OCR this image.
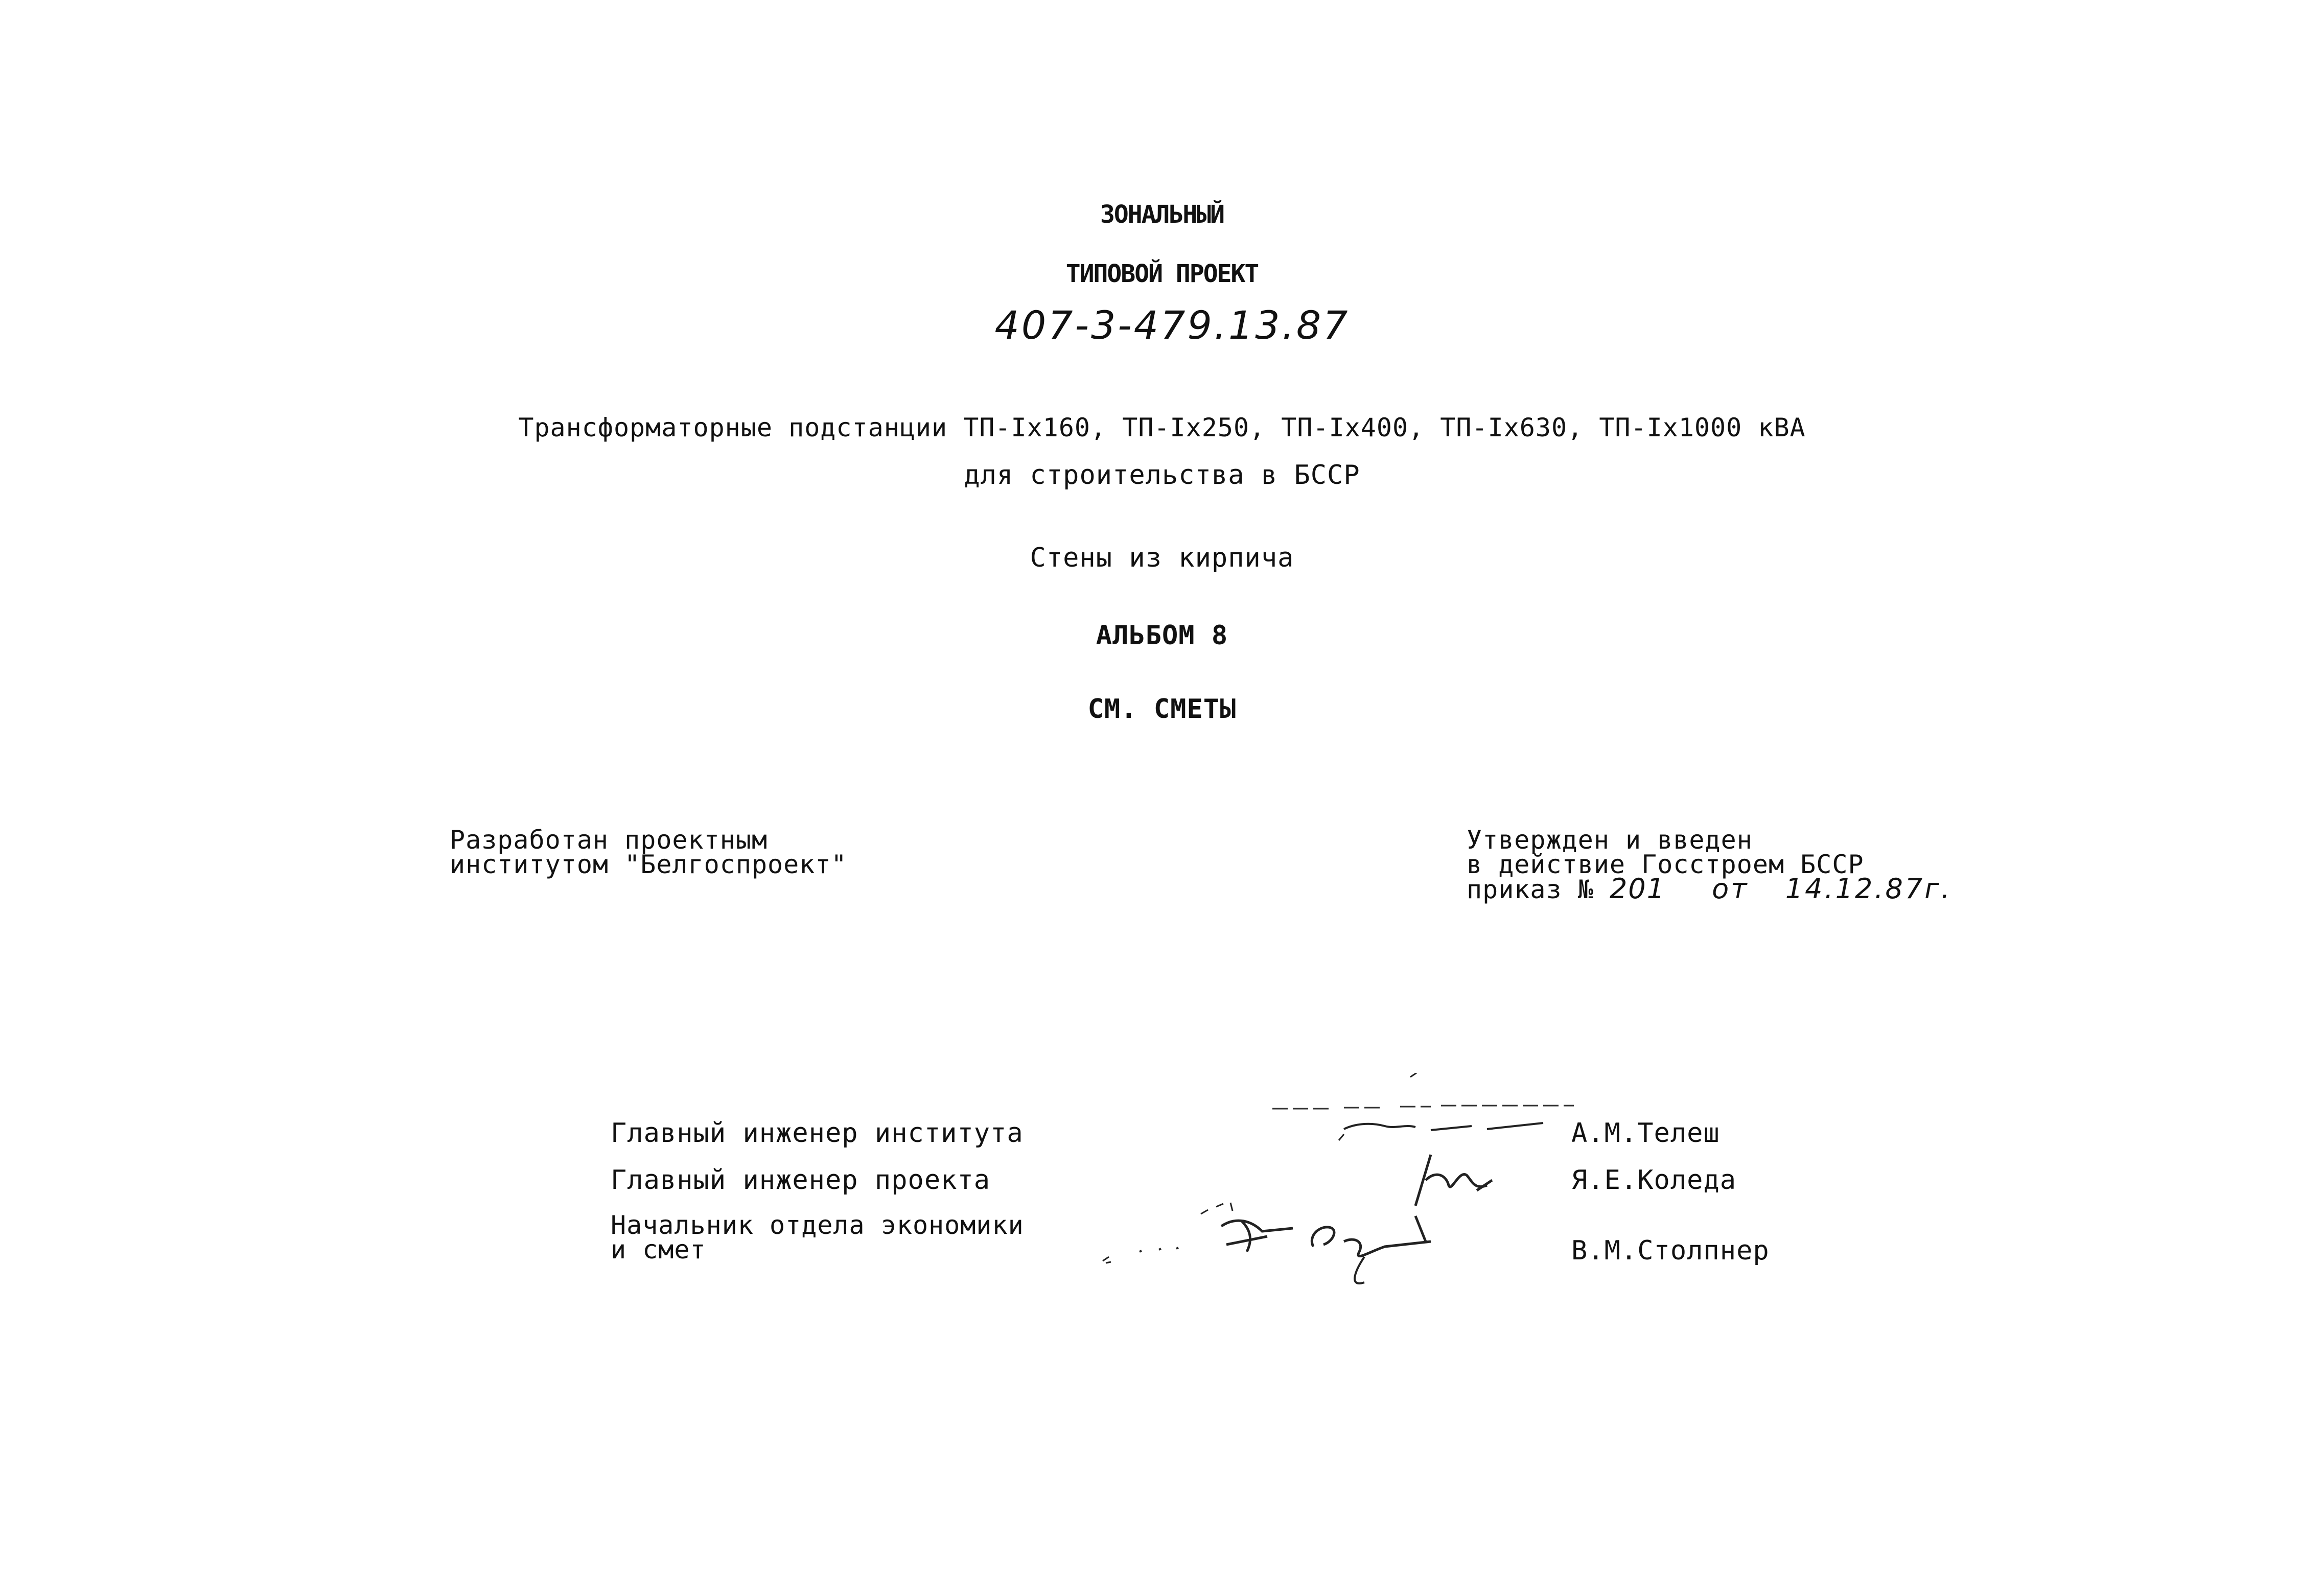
ЗОНАЛЬНЫЙ
ТИПОВОЙ ПРОЕКТ
407-3-479.13.87
Трансформаторные подстанции ТП-Iх160, ТП-Iх250, ТП-Iх400, ТП-Iх630, ТП-Iх1000 кВА
для строительства в БССР
Стены из кирпича
АЛЬБОМ 8
СМ. СМЕТЫ
Разработан проектным
институтом "Белгоспроект"
Утвержден и введен
в действие Госстроем БССР
приказ № 201 от 14.12.87г.
Главный инженер института	А.М.Телеш
Главный инженер проекта	Я.Е.Коледа
Начальник отдела экономики
и смет	В.М.Столпнер
